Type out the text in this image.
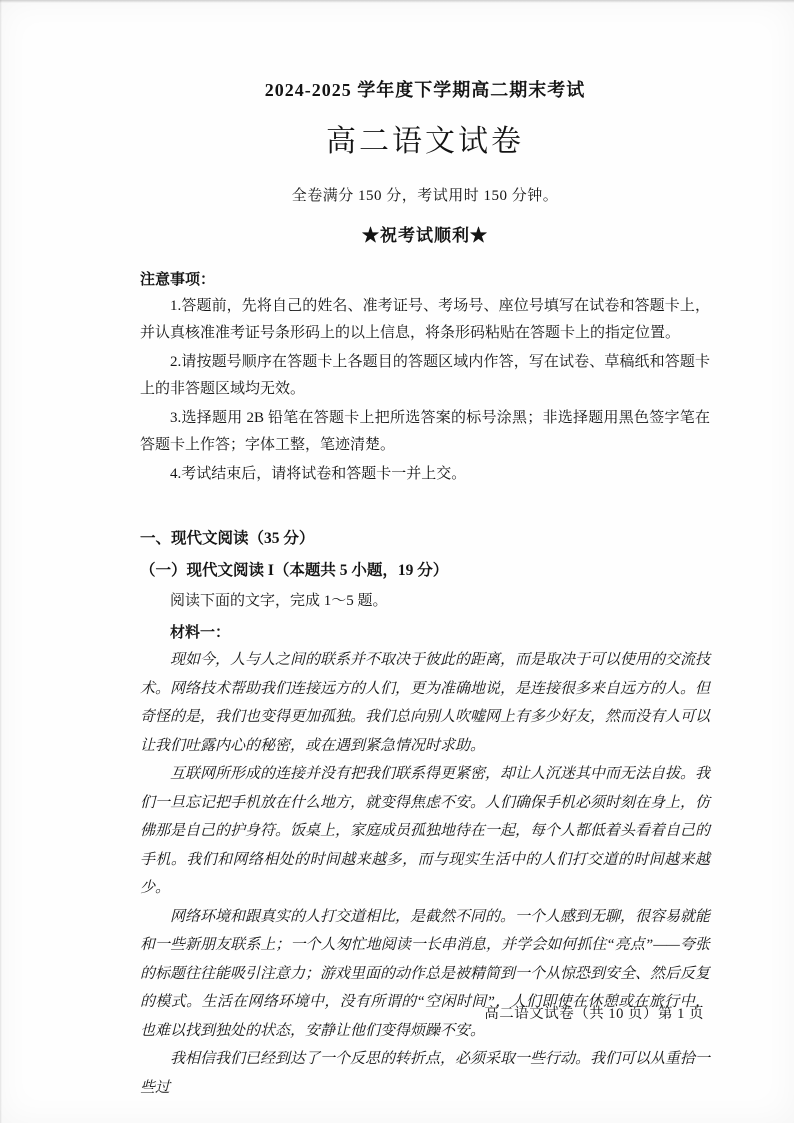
2024-2025 学年度下学期高二期末考试

高二语文试卷

全卷满分 150 分，考试用时 150 分钟。

★祝考试顺利★

注意事项：

1.答题前，先将自己的姓名、准考证号、考场号、座位号填写在试卷和答题卡上，并认真核准准考证号条形码上的以上信息，将条形码粘贴在答题卡上的指定位置。

2.请按题号顺序在答题卡上各题目的答题区域内作答，写在试卷、草稿纸和答题卡上的非答题区域均无效。

3.选择题用 2B 铅笔在答题卡上把所选答案的标号涂黑；非选择题用黑色签字笔在答题卡上作答；字体工整，笔迹清楚。

4.考试结束后，请将试卷和答题卡一并上交。

一、现代文阅读（35 分）

（一）现代文阅读 I（本题共 5 小题，19 分）

阅读下面的文字，完成 1～5 题。

材料一：

现如今，人与人之间的联系并不取决于彼此的距离，而是取决于可以使用的交流技术。网络技术帮助我们连接远方的人们，更为准确地说，是连接很多来自远方的人。但奇怪的是，我们也变得更加孤独。我们总向别人吹嘘网上有多少好友，然而没有人可以让我们吐露内心的秘密，或在遇到紧急情况时求助。

互联网所形成的连接并没有把我们联系得更紧密，却让人沉迷其中而无法自拔。我们一旦忘记把手机放在什么地方，就变得焦虑不安。人们确保手机必须时刻在身上，仿佛那是自己的护身符。饭桌上，家庭成员孤独地待在一起，每个人都低着头看着自己的手机。我们和网络相处的时间越来越多，而与现实生活中的人们打交道的时间越来越少。

网络环境和跟真实的人打交道相比，是截然不同的。一个人感到无聊，很容易就能和一些新朋友联系上；一个人匆忙地阅读一长串消息，并学会如何抓住“亮点”——夸张的标题往往能吸引注意力；游戏里面的动作总是被精简到一个从惊恐到安全、然后反复的模式。生活在网络环境中，没有所谓的“空闲时间”，人们即使在休憩或在旅行中，也难以找到独处的状态，安静让他们变得烦躁不安。

我相信我们已经到达了一个反思的转折点，必须采取一些行动。我们可以从重拾一些过

高二语文试卷（共 10 页）第 1 页
